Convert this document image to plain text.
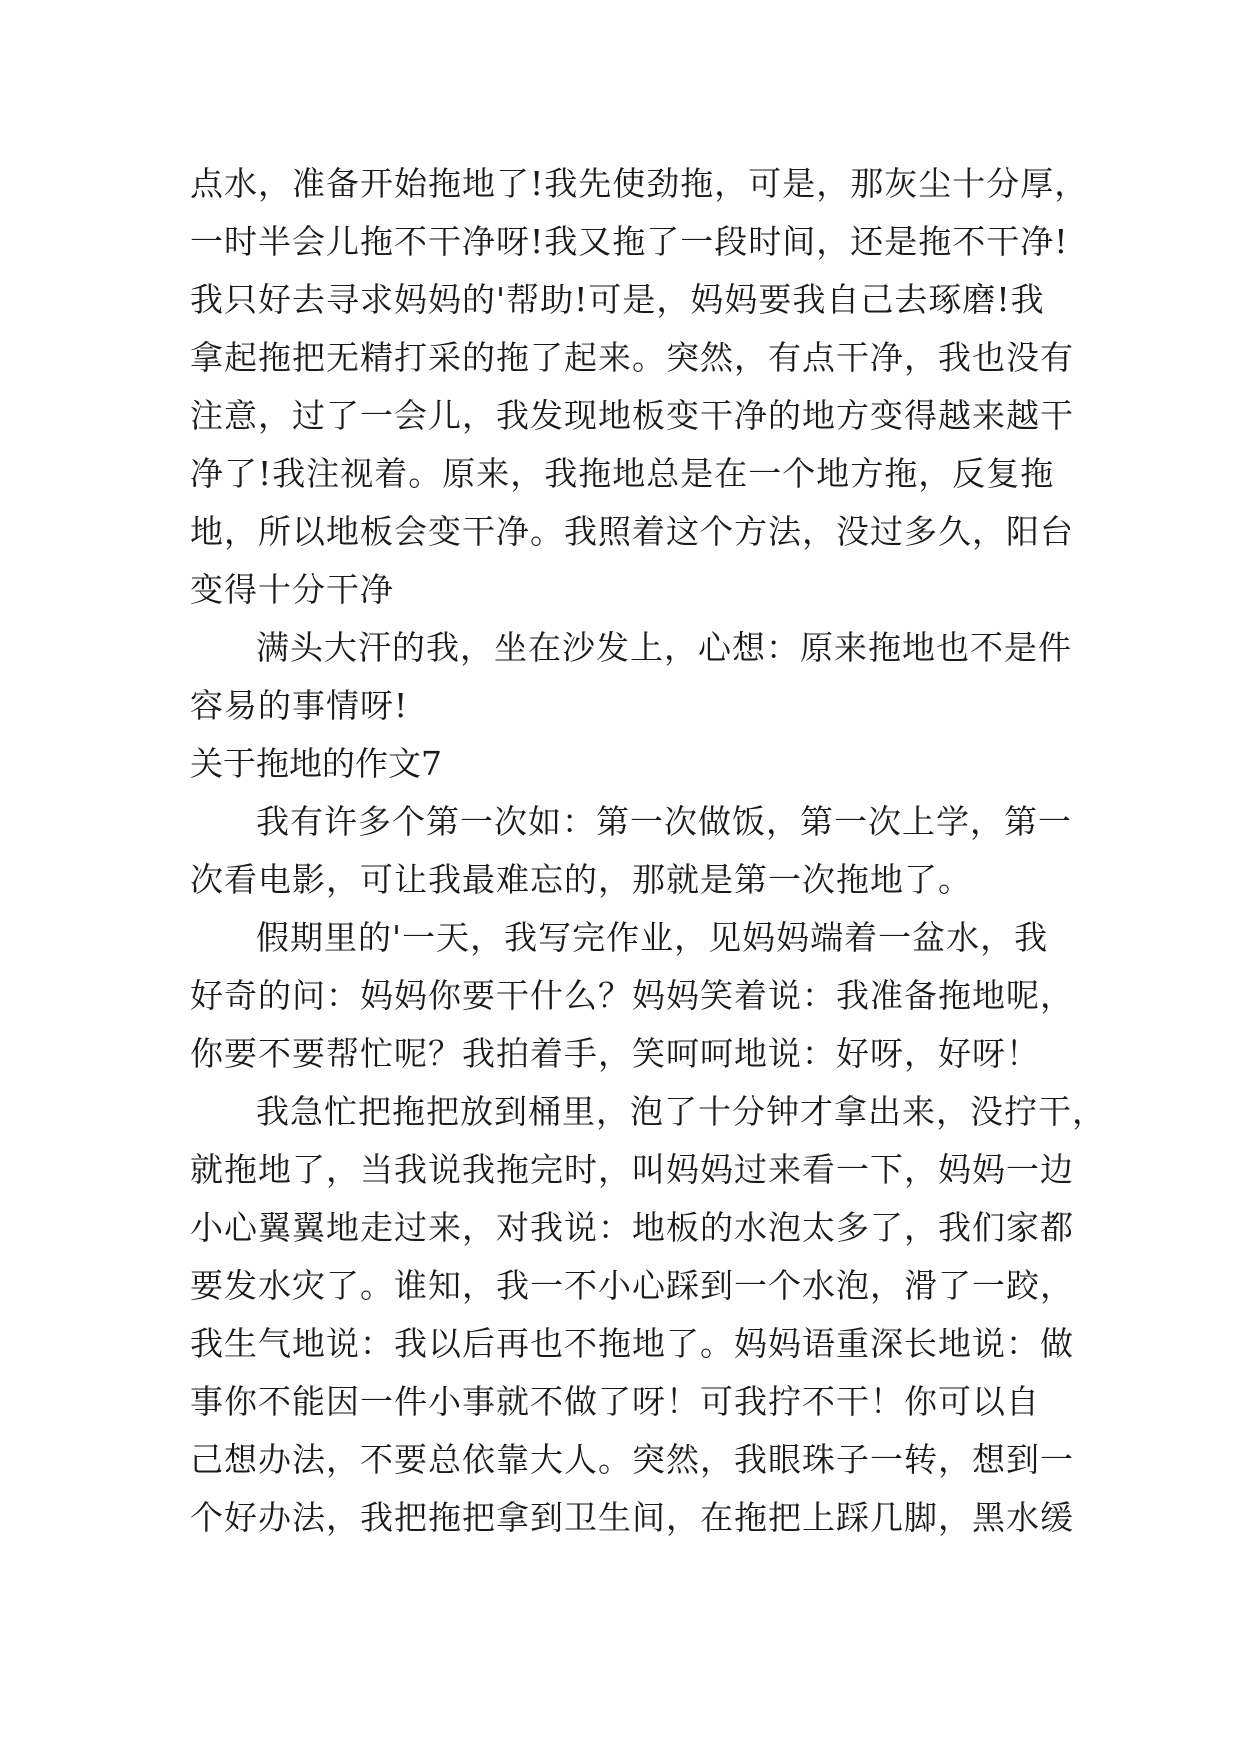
点水，准备开始拖地了!我先使劲拖，可是，那灰尘十分厚，
一时半会儿拖不干净呀!我又拖了一段时间，还是拖不干净!
我只好去寻求妈妈的'帮助!可是，妈妈要我自己去琢磨!我
拿起拖把无精打采的拖了起来。突然，有点干净，我也没有
注意，过了一会儿，我发现地板变干净的地方变得越来越干
净了!我注视着。原来，我拖地总是在一个地方拖，反复拖
地，所以地板会变干净。我照着这个方法，没过多久，阳台
变得十分干净
满头大汗的我，坐在沙发上，心想：原来拖地也不是件
容易的事情呀!
关于拖地的作文7
我有许多个第一次如：第一次做饭，第一次上学，第一
次看电影，可让我最难忘的，那就是第一次拖地了。
假期里的'一天，我写完作业，见妈妈端着一盆水，我
好奇的问：妈妈你要干什么？妈妈笑着说：我准备拖地呢，
你要不要帮忙呢？我拍着手，笑呵呵地说：好呀，好呀！
我急忙把拖把放到桶里，泡了十分钟才拿出来，没拧干，
就拖地了，当我说我拖完时，叫妈妈过来看一下，妈妈一边
小心翼翼地走过来，对我说：地板的水泡太多了，我们家都
要发水灾了。谁知，我一不小心踩到一个水泡，滑了一跤，
我生气地说：我以后再也不拖地了。妈妈语重深长地说：做
事你不能因一件小事就不做了呀！可我拧不干！你可以自
己想办法，不要总依靠大人。突然，我眼珠子一转，想到一
个好办法，我把拖把拿到卫生间，在拖把上踩几脚，黑水缓
